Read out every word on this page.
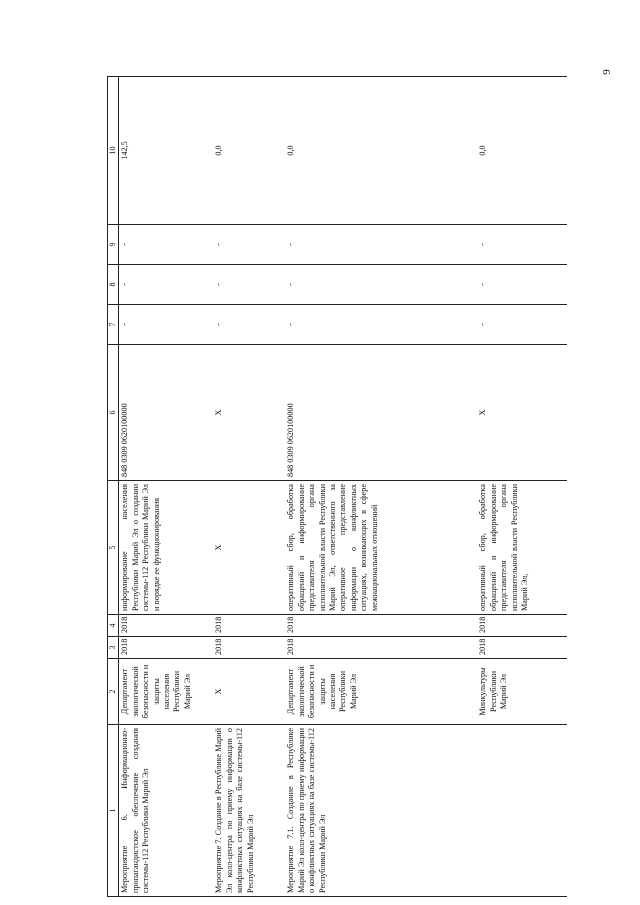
9
1	2	3	4	5	6	7	8	9	10
Мероприятие 6. Информационно-пропагандистское обеспечение создания системы-112 Республики Марий Эл	Департамент экологической безопасности и защиты населения Республики Марий Эл	2018	2018	информирование населения Республики Марий Эл о создании системы-112 Республики Марий Эл и порядке ее функционирования	848 0309 0620100000	-	-	-	142,5
Мероприятие 7. Создание в Республике Марий Эл колл-центра по приему информации о конфликтных ситуациях на базе системы-112 Республики Марий Эл	Х	2018	2018	Х	Х	-	-	-	0,0
Мероприятие 7.1. Создание в Республике Марий Эл колл-центра по приему информации о конфликтных ситуациях на базе системы-112 Республики Марий Эл	Департамент экологической безопасности и защиты населения Республики Марий Эл	2018	2018	оперативный сбор, обработка обращений и информирование представителя органа исполнительной власти Республики Марий Эл, ответственного за оперативное представление информации о конфликтных ситуациях, возникающих в сфере межнациональных отношений	848 0309 0620100000	-	-	-	0,0
	Минкультуры Республики Марий Эл	2018	2018	оперативный сбор, обработка обращений и информирование представителя органа исполнительной власти Республики Марий Эл,	Х	-	-	-	0,0
